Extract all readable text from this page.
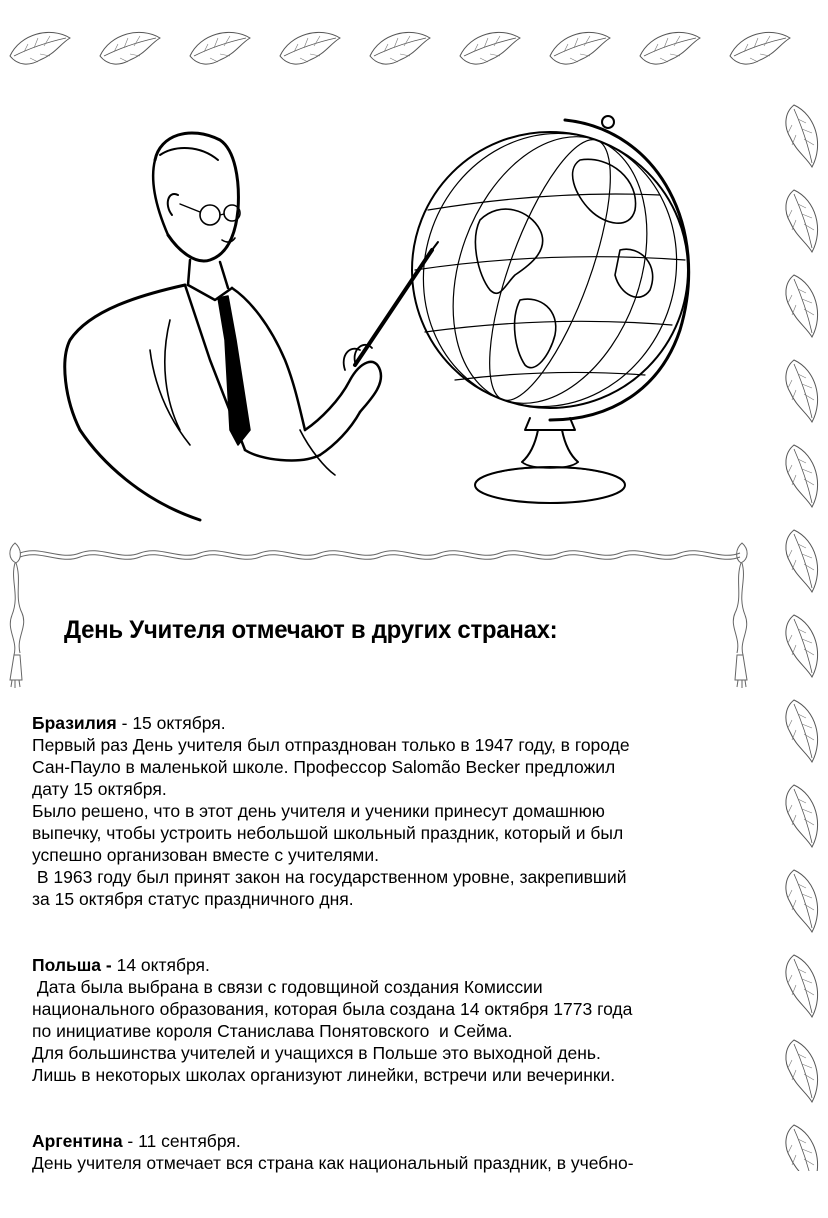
День Учителя отмечают в других странах:

Бразилия - 15 октября.

Первый раз День учителя был отпразднован только в 1947 году, в городе

Сан-Пауло в маленькой школе. Профессор Salomão Becker предложил

дату 15 октября.

Было решено, что в этот день учителя и ученики принесут домашнюю

выпечку, чтобы устроить небольшой школьный праздник, который и был

успешно организован вместе с учителями.

В 1963 году был принят закон на государственном уровне, закрепивший

за 15 октября статус праздничного дня.

Польша - 14 октября.

Дата была выбрана в связи с годовщиной создания Комиссии

национального образования, которая была создана 14 октября 1773 года

по инициативе короля Станислава Понятовского  и Сейма.

Для большинства учителей и учащихся в Польше это выходной день.

Лишь в некоторых школах организуют линейки, встречи или вечеринки.

Аргентина - 11 сентября.

День учителя отмечает вся страна как национальный праздник, в учебно-
